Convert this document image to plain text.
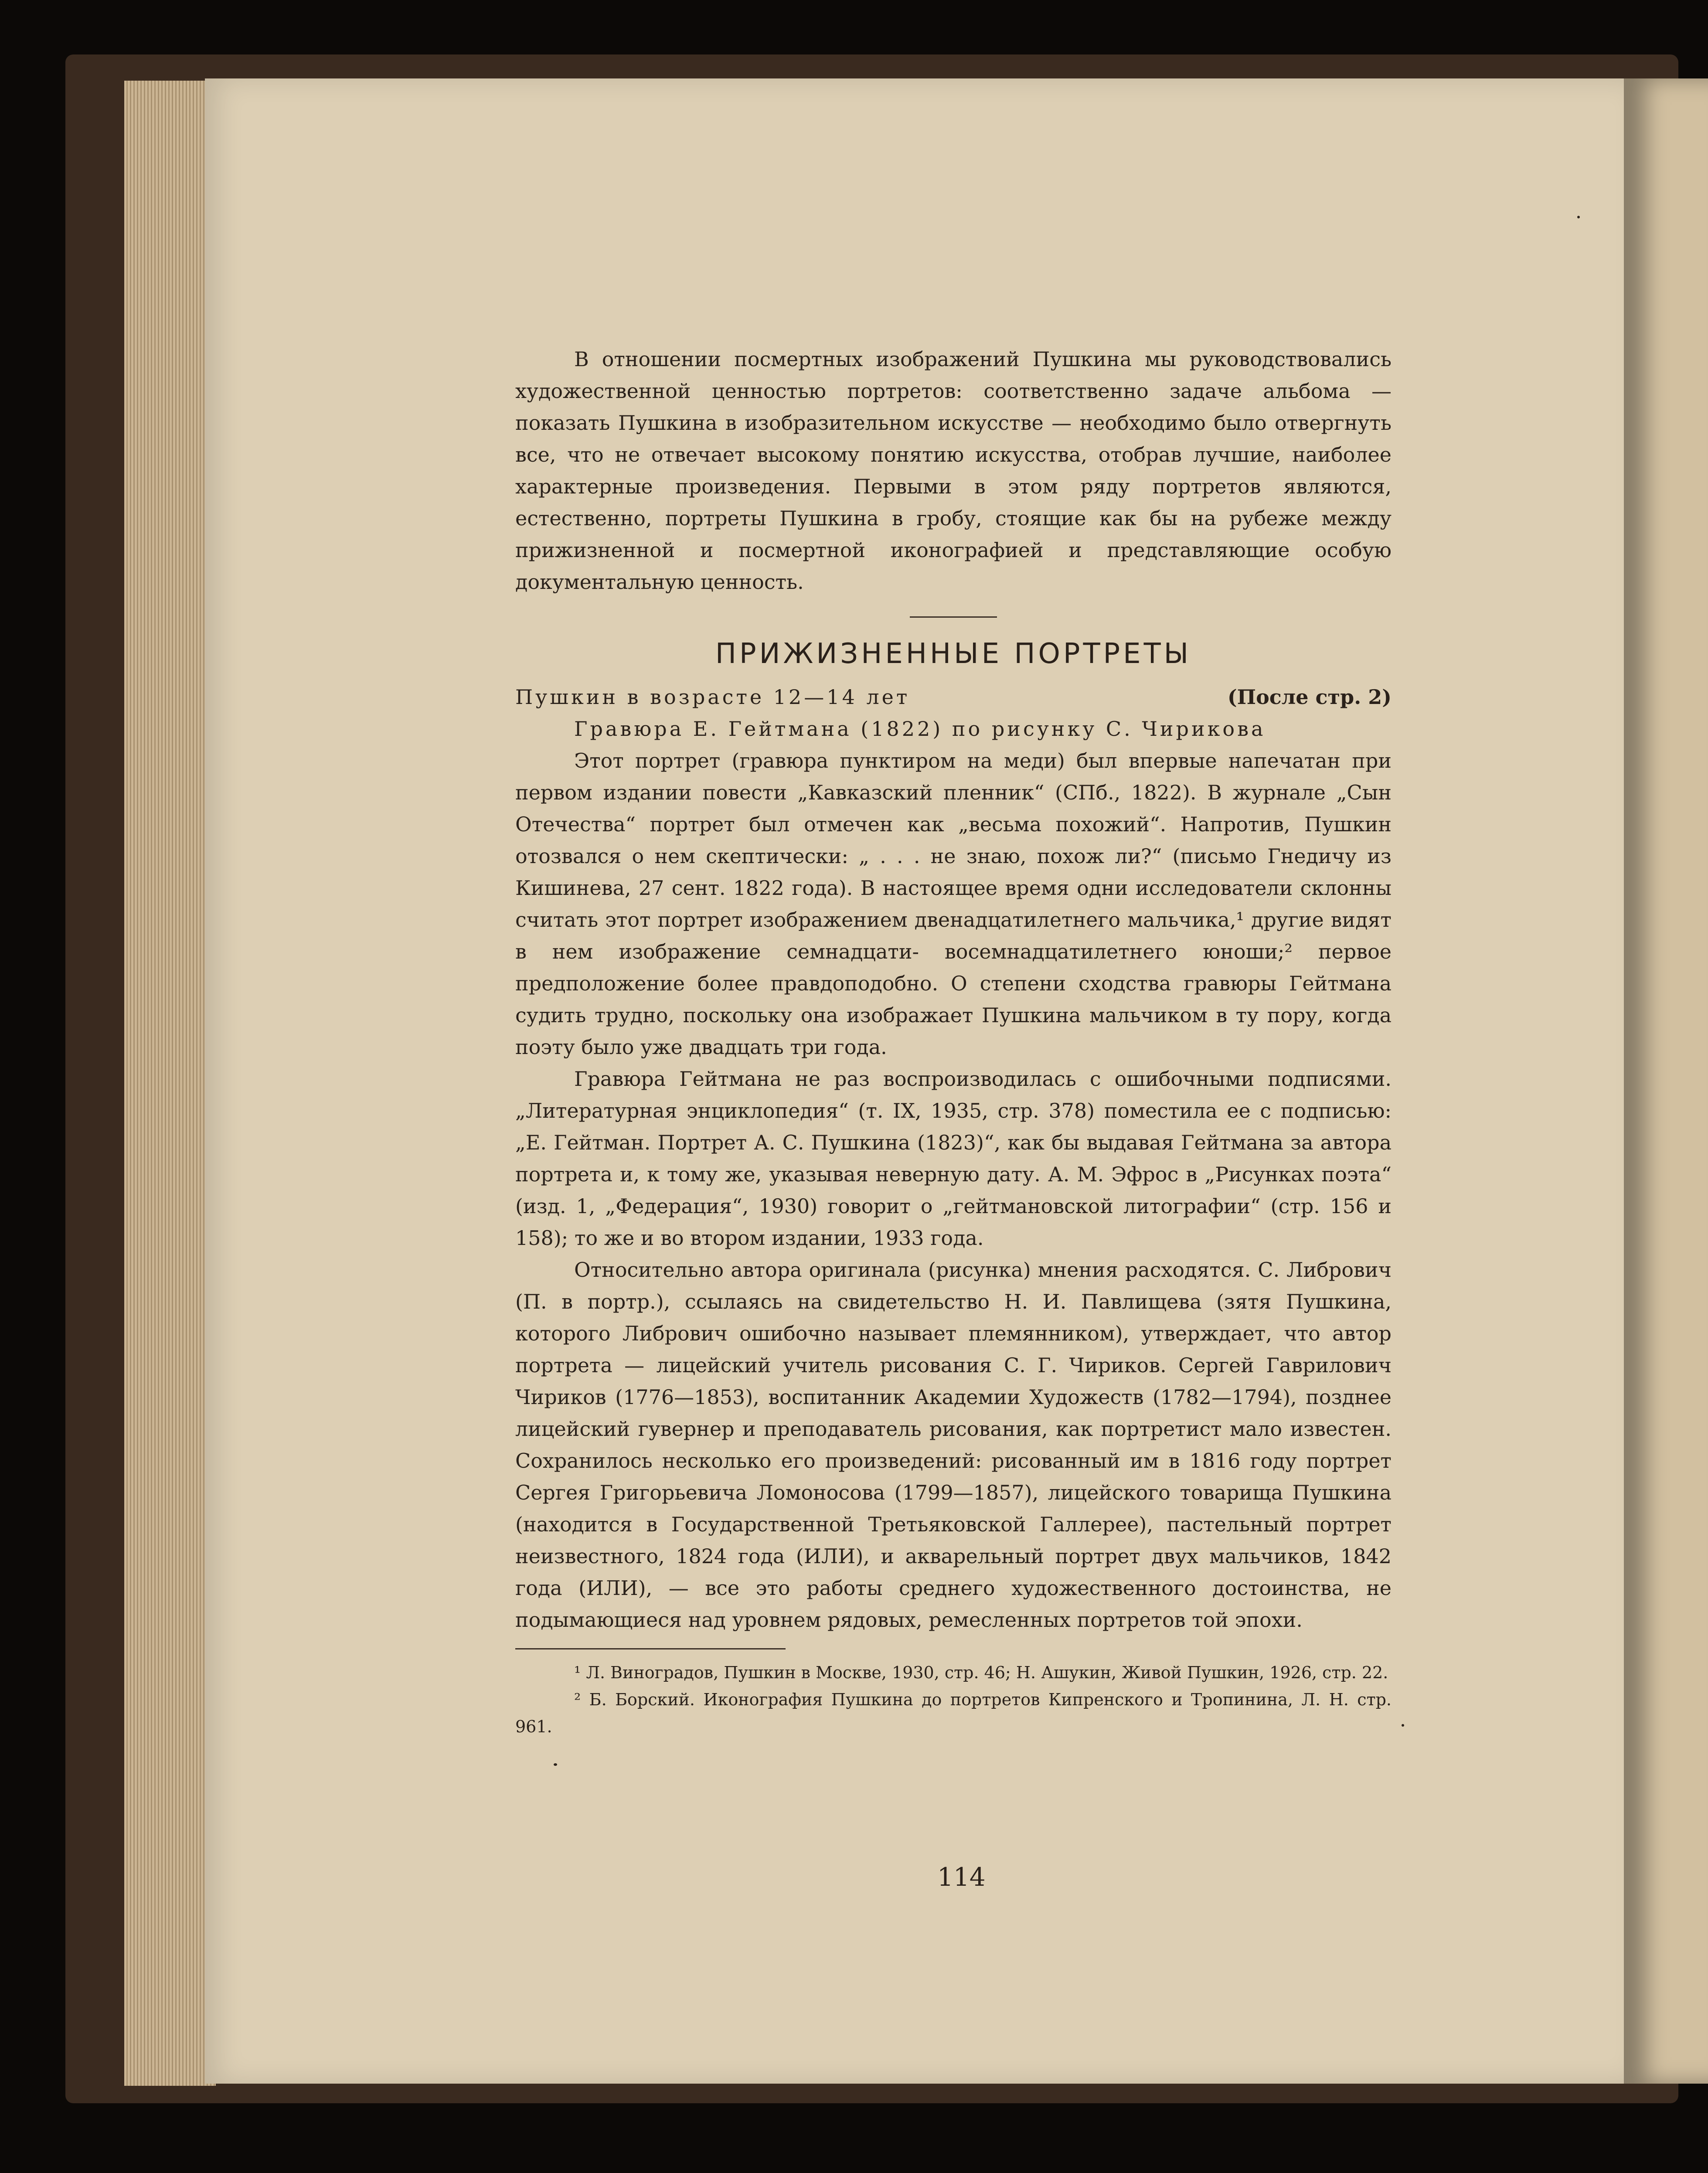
В отношении посмертных изображений Пушкина мы руководствовались художественной ценностью портретов: соответственно задаче альбома — показать Пушкина в изобразительном искусстве — необходимо было отвергнуть все, что не отвечает высокому понятию искусства, отобрав лучшие, наиболее характерные произведения. Первыми в этом ряду портретов являются, естественно, портреты Пушкина в гробу, стоящие как бы на рубеже между прижизненной и посмертной иконографией и представляющие особую документальную ценность.

ПРИЖИЗНЕННЫЕ ПОРТРЕТЫ
Пушкин в возрасте 12—14 лет	(После стр. 2)

Гравюра Е. Гейтмана (1822) по рисунку С. Чирикова

Этот портрет (гравюра пунктиром на меди) был впервые напечатан при первом издании повести „Кавказский пленник“ (СПб., 1822). В журнале „Сын Отечества“ портрет был отмечен как „весьма похожий“. Напротив, Пушкин отозвался о нем скептически: „ . . . не знаю, похож ли?“ (письмо Гнедичу из Кишинева, 27 сент. 1822 года). В настоящее время одни исследователи склонны считать этот портрет изображением двенадцатилетнего мальчика,¹ другие видят в нем изображение семнадцати- восемнадцатилетнего юноши;² первое предположение более правдоподобно. О степени сходства гравюры Гейтмана судить трудно, поскольку она изображает Пушкина мальчиком в ту пору, когда поэту было уже двадцать три года.

Гравюра Гейтмана не раз воспроизводилась с ошибочными подписями. „Литературная энциклопедия“ (т. IX, 1935, стр. 378) поместила ее с подписью: „Е. Гейтман. Портрет А. С. Пушкина (1823)“, как бы выдавая Гейтмана за автора портрета и, к тому же, указывая неверную дату. А. М. Эфрос в „Рисунках поэта“ (изд. 1, „Федерация“, 1930) говорит о „гейтмановской литографии“ (стр. 156 и 158); то же и во втором издании, 1933 года.

Относительно автора оригинала (рисунка) мнения расходятся. С. Либрович (П. в портр.), ссылаясь на свидетельство Н. И. Павлищева (зятя Пушкина, которого Либрович ошибочно называет племянником), утверждает, что автор портрета — лицейский учитель рисования С. Г. Чириков. Сергей Гаврилович Чириков (1776—1853), воспитанник Академии Художеств (1782—1794), позднее лицейский гувернер и преподаватель рисования, как портретист мало известен. Сохранилось несколько его произведений: рисованный им в 1816 году портрет Сергея Григорьевича Ломоносова (1799—1857), лицейского товарища Пушкина (находится в Государственной Третьяковской Галлерее), пастельный портрет неизвестного, 1824 года (ИЛИ), и акварельный портрет двух мальчиков, 1842 года (ИЛИ), — все это работы среднего художественного достоинства, не подымающиеся над уровнем рядовых, ремесленных портретов той эпохи.

¹ Л. Виноградов, Пушкин в Москве, 1930, стр. 46; Н. Ашукин, Живой Пушкин, 1926, стр. 22.

² Б. Борский. Иконография Пушкина до портретов Кипренского и Тропинина, Л. Н. стр. 961.

114
